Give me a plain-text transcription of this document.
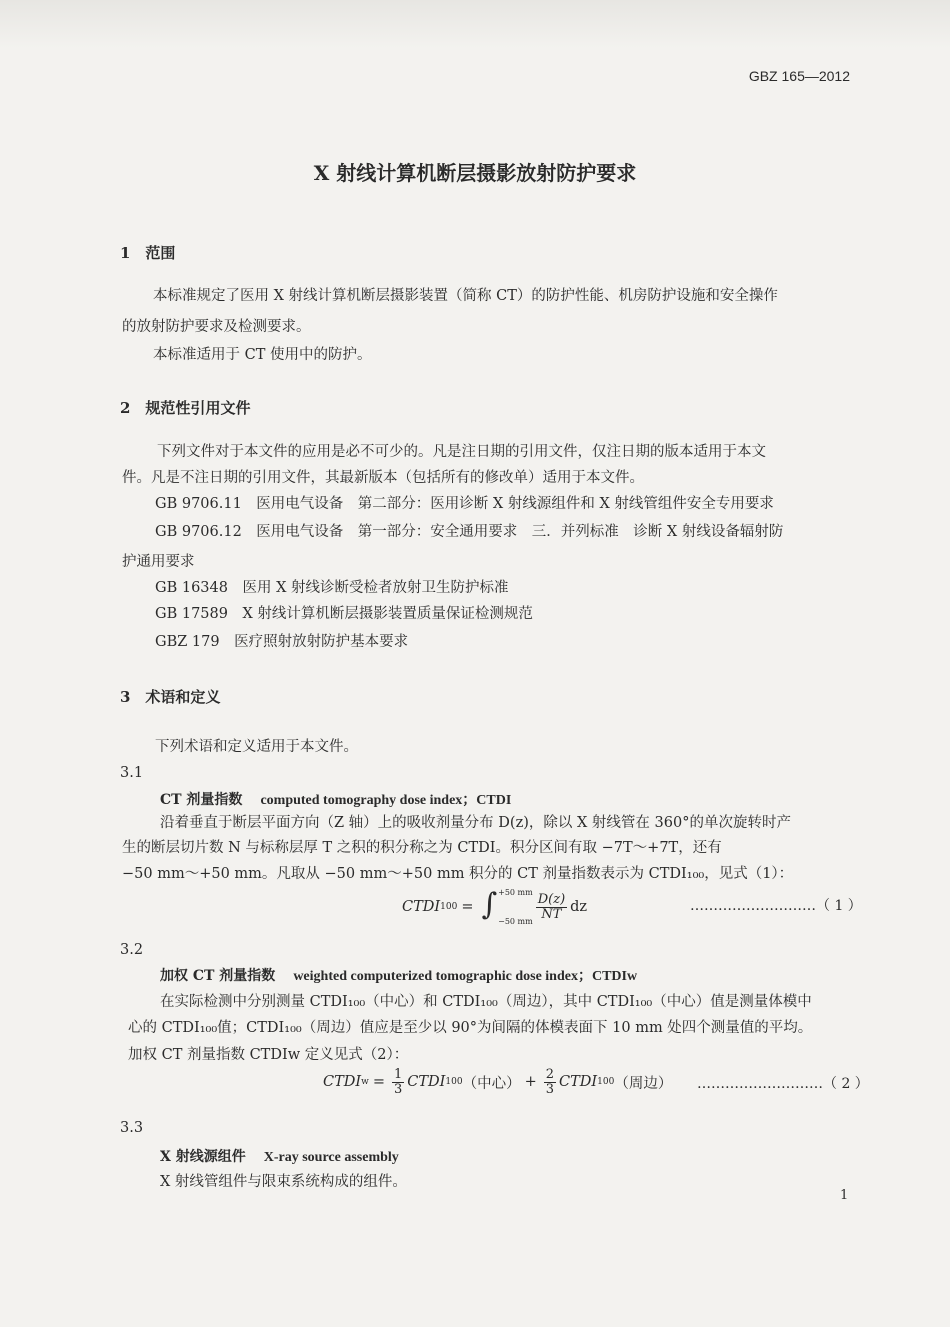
GBZ 165—2012
X 射线计算机断层摄影放射防护要求
1　范围
本标准规定了医用 X 射线计算机断层摄影装置（简称 CT）的防护性能、机房防护设施和安全操作
的放射防护要求及检测要求。
本标准适用于 CT 使用中的防护。
2　规范性引用文件
下列文件对于本文件的应用是必不可少的。凡是注日期的引用文件，仅注日期的版本适用于本文
件。凡是不注日期的引用文件，其最新版本（包括所有的修改单）适用于本文件。
GB 9706.11　医用电气设备　第二部分：医用诊断 X 射线源组件和 X 射线管组件安全专用要求
GB 9706.12　医用电气设备　第一部分：安全通用要求　三．并列标准　诊断 X 射线设备辐射防
护通用要求
GB 16348　医用 X 射线诊断受检者放射卫生防护标准
GB 17589　X 射线计算机断层摄影装置质量保证检测规范
GBZ 179　医疗照射放射防护基本要求
3　术语和定义
下列术语和定义适用于本文件。
3.1
CT 剂量指数 computed tomography dose index；CTDI
沿着垂直于断层平面方向（Z 轴）上的吸收剂量分布 D(z)，除以 X 射线管在 360°的单次旋转时产
生的断层切片数 N 与标称层厚 T 之积的积分称之为 CTDI。积分区间有取 −7T～+7T，还有
−50 mm～+50 mm。凡取从 −50 mm～+50 mm 积分的 CT 剂量指数表示为 CTDI₁₀₀，见式（1）：
CTDI 100 = ∫ +50 mm
−50 mm
$\frac{D(z)}{NT}$ dz	………………………（ 1 ）
3.2
加权 CT 剂量指数 weighted computerized tomographic dose index；CTDIw
在实际检测中分别测量 CTDI₁₀₀（中心）和 CTDI₁₀₀（周边），其中 CTDI₁₀₀（中心）值是测量体模中
心的 CTDI₁₀₀值；CTDI₁₀₀（周边）值应是至少以 90°为间隔的体模表面下 10 mm 处四个测量值的平均。
加权 CT 剂量指数 CTDIw 定义见式（2）：
CTDI $w = \frac{1}{3}$ CTDI 100 （中心） + $\frac{2}{3}$ CTDI 100 （周边） ………………………（ 2 ）
3.3
X 射线源组件 X-ray source assembly
X 射线管组件与限束系统构成的组件。
1
